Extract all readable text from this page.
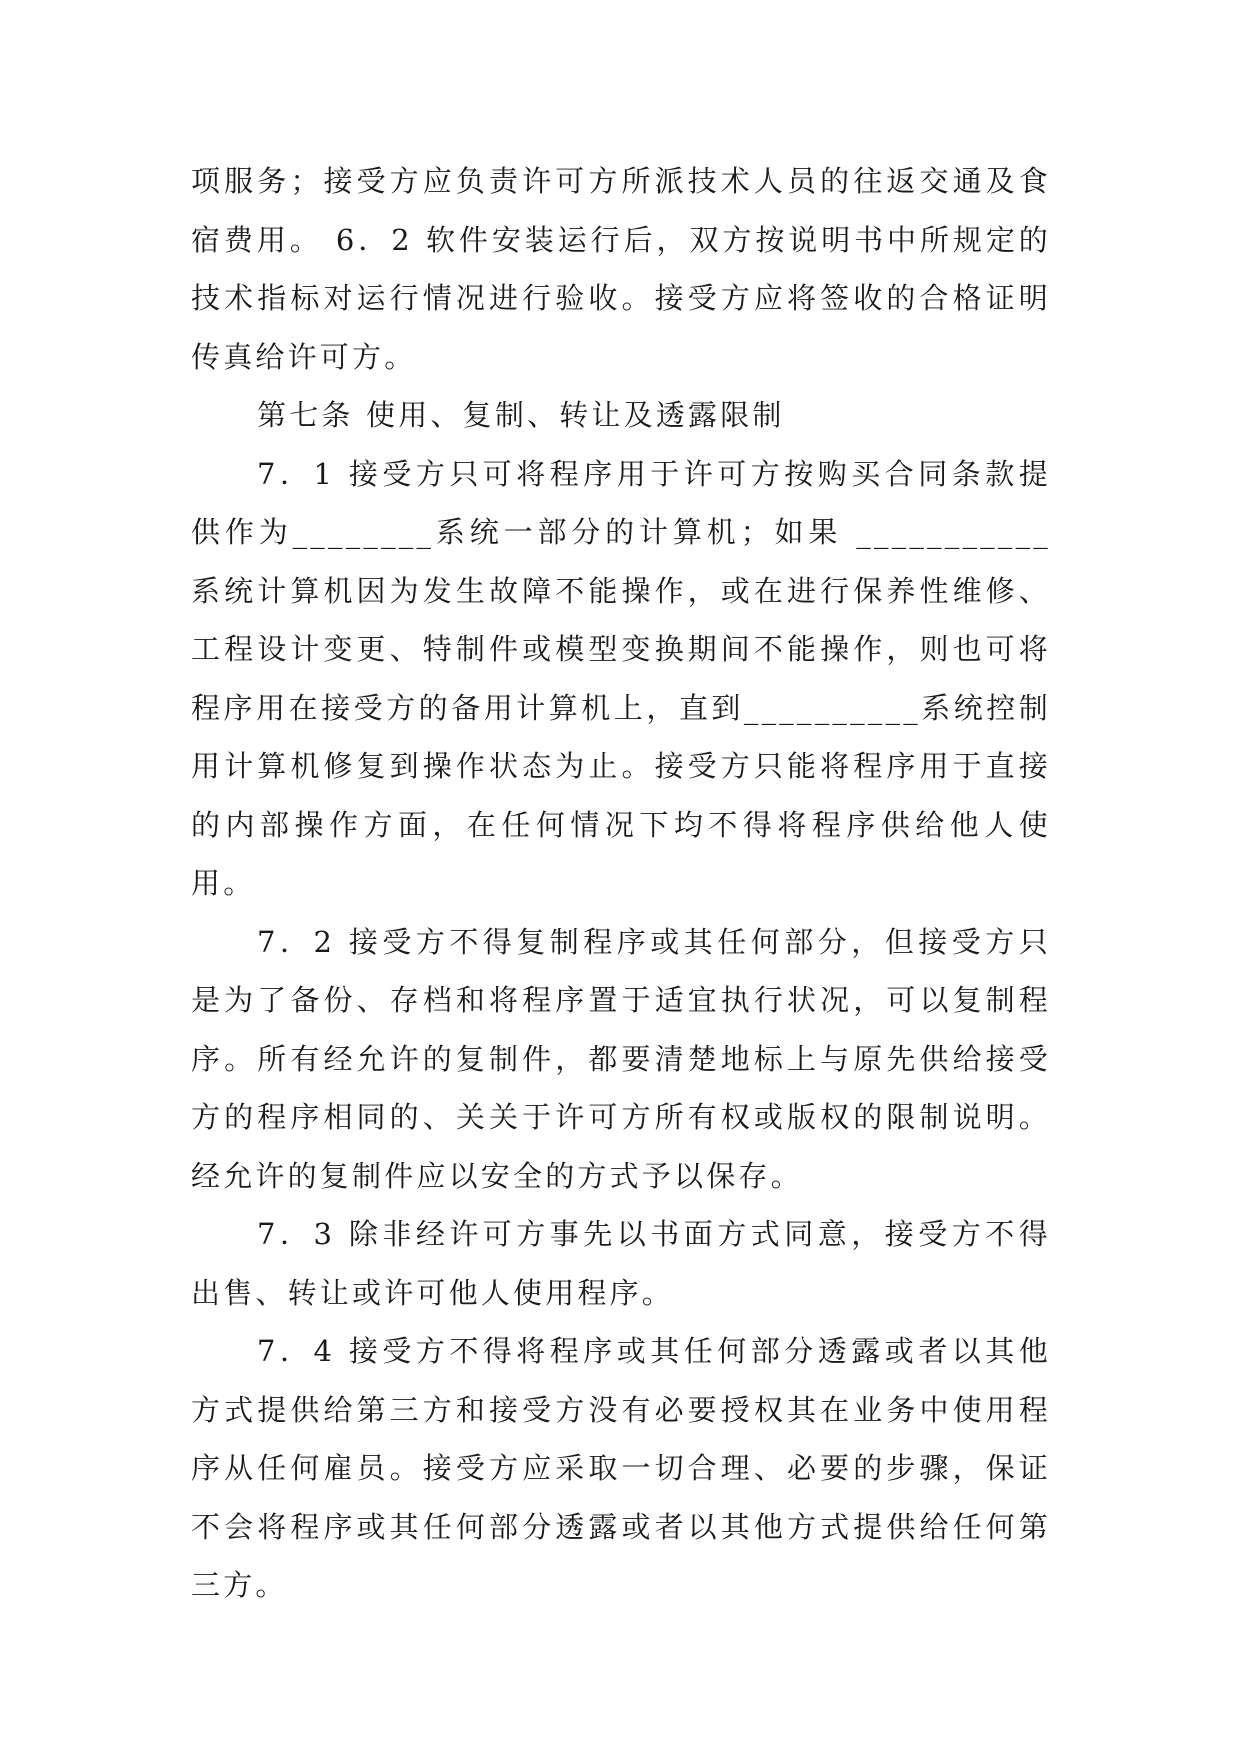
项服务；接受方应负责许可方所派技术人员的往返交通及食宿费用。 6．2 软件安装运行后，双方按说明书中所规定的技术指标对运行情况进行验收。接受方应将签收的合格证明传真给许可方。

第七条 使用、复制、转让及透露限制

7．1 接受方只可将程序用于许可方按购买合同条款提供作为________系统一部分的计算机；如果 ___________系统计算机因为发生故障不能操作，或在进行保养性维修、工程设计变更、特制件或模型变换期间不能操作，则也可将程序用在接受方的备用计算机上，直到__________系统控制用计算机修复到操作状态为止。接受方只能将程序用于直接的内部操作方面，在任何情况下均不得将程序供给他人使用。

7．2 接受方不得复制程序或其任何部分，但接受方只是为了备份、存档和将程序置于适宜执行状况，可以复制程序。所有经允许的复制件，都要清楚地标上与原先供给接受方的程序相同的、关关于许可方所有权或版权的限制说明。经允许的复制件应以安全的方式予以保存。

7．3 除非经许可方事先以书面方式同意，接受方不得出售、转让或许可他人使用程序。

7．4 接受方不得将程序或其任何部分透露或者以其他方式提供给第三方和接受方没有必要授权其在业务中使用程序从任何雇员。接受方应采取一切合理、必要的步骤，保证不会将程序或其任何部分透露或者以其他方式提供给任何第三方。
